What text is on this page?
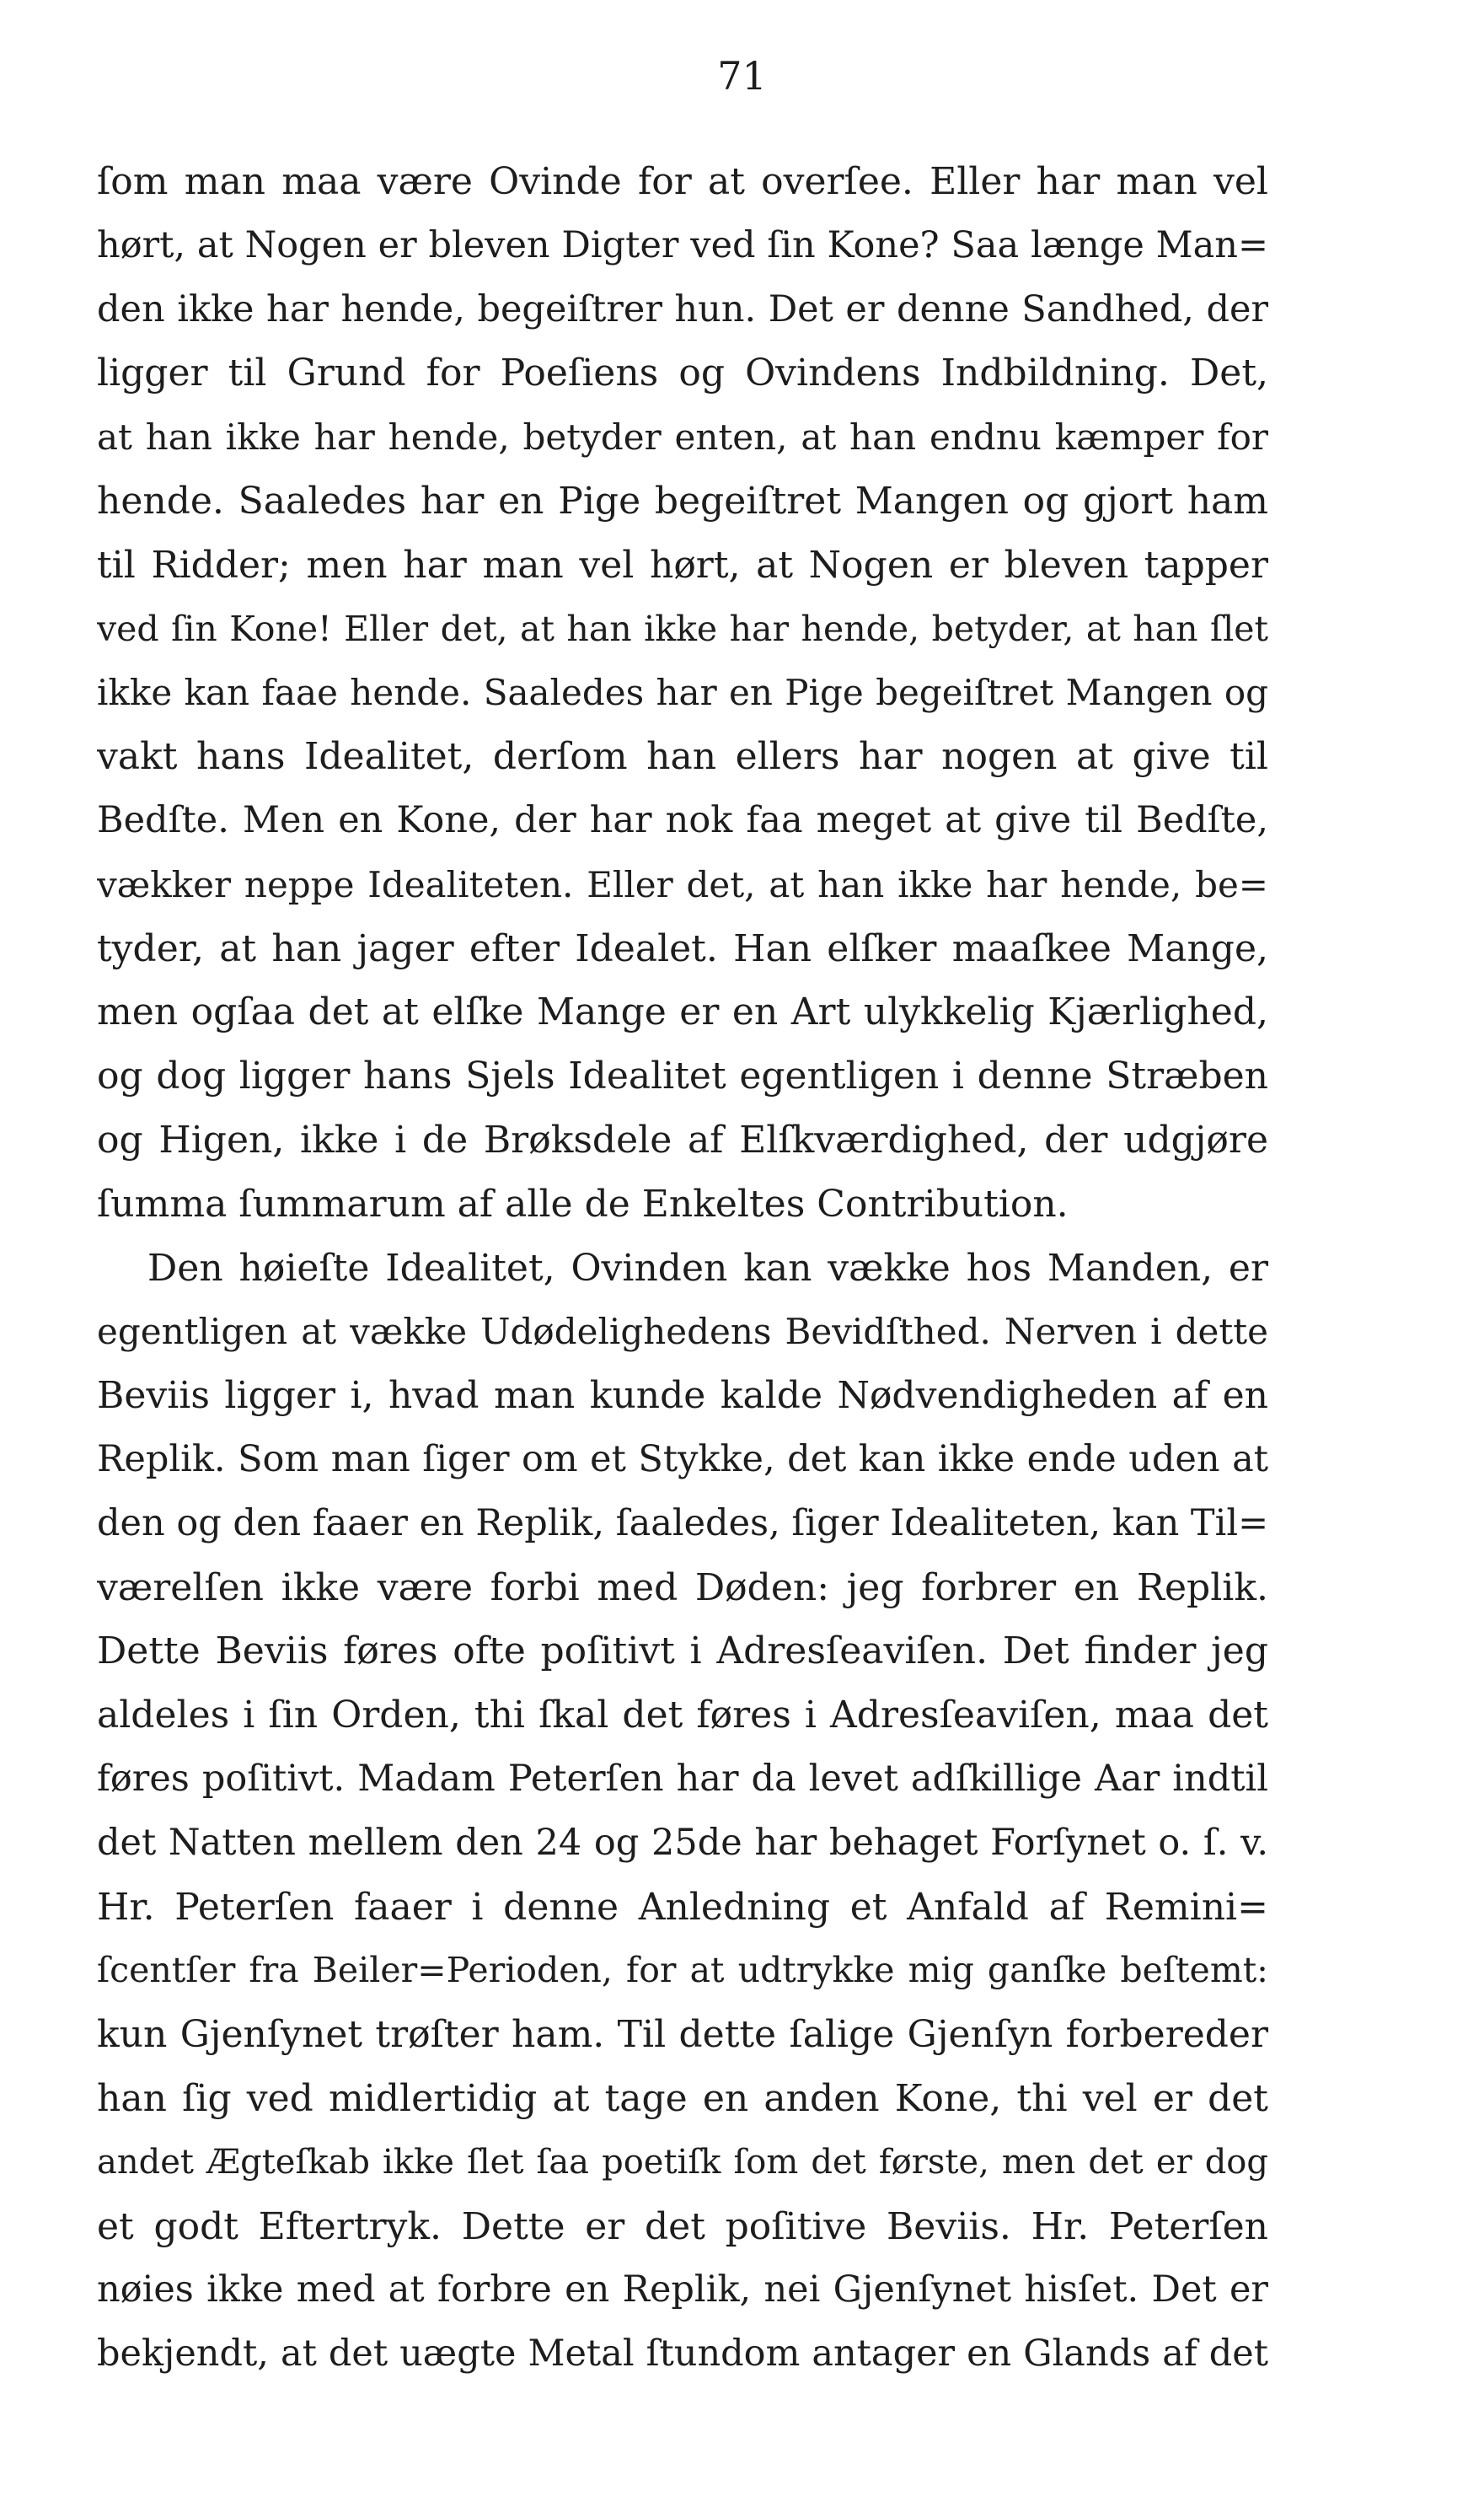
71
ſom man maa være Ovinde for at overſee. Eller har man vel
hørt, at Nogen er bleven Digter ved ſin Kone? Saa længe Man=
den ikke har hende, begeiſtrer hun. Det er denne Sandhed, der
ligger til Grund for Poeſiens og Ovindens Indbildning. Det,
at han ikke har hende, betyder enten, at han endnu kæmper for
hende. Saaledes har en Pige begeiſtret Mangen og gjort ham
til Ridder; men har man vel hørt, at Nogen er bleven tapper
ved ſin Kone! Eller det, at han ikke har hende, betyder, at han ſlet
ikke kan faae hende. Saaledes har en Pige begeiſtret Mangen og
vakt hans Idealitet, derſom han ellers har nogen at give til
Bedſte. Men en Kone, der har nok faa meget at give til Bedſte,
vækker neppe Idealiteten. Eller det, at han ikke har hende, be=
tyder, at han jager efter Idealet. Han elſker maaſkee Mange,
men ogſaa det at elſke Mange er en Art ulykkelig Kjærlighed,
og dog ligger hans Sjels Idealitet egentligen i denne Stræben
og Higen, ikke i de Brøksdele af Elſkværdighed, der udgjøre
ſumma ſummarum af alle de Enkeltes Contribution.
Den høieſte Idealitet, Ovinden kan vække hos Manden, er
egentligen at vække Udødelighedens Bevidſthed. Nerven i dette
Beviis ligger i, hvad man kunde kalde Nødvendigheden af en
Replik. Som man ſiger om et Stykke, det kan ikke ende uden at
den og den faaer en Replik, ſaaledes, ſiger Idealiteten, kan Til=
værelſen ikke være forbi med Døden: jeg forbrer en Replik.
Dette Beviis føres ofte poſitivt i Adresſeaviſen. Det finder jeg
aldeles i ſin Orden, thi ſkal det føres i Adresſeaviſen, maa det
føres poſitivt. Madam Peterſen har da levet adſkillige Aar indtil
det Natten mellem den 24 og 25de har behaget Forſynet o. ſ. v.
Hr. Peterſen faaer i denne Anledning et Anfald af Remini=
ſcentſer fra Beiler=Perioden, for at udtrykke mig ganſke beſtemt:
kun Gjenſynet trøſter ham. Til dette ſalige Gjenſyn forbereder
han ſig ved midlertidig at tage en anden Kone, thi vel er det
andet Ægteſkab ikke ſlet ſaa poetiſk ſom det første, men det er dog
et godt Eftertryk. Dette er det poſitive Beviis. Hr. Peterſen
nøies ikke med at forbre en Replik, nei Gjenſynet hisſet. Det er
bekjendt, at det uægte Metal ſtundom antager en Glands af det
